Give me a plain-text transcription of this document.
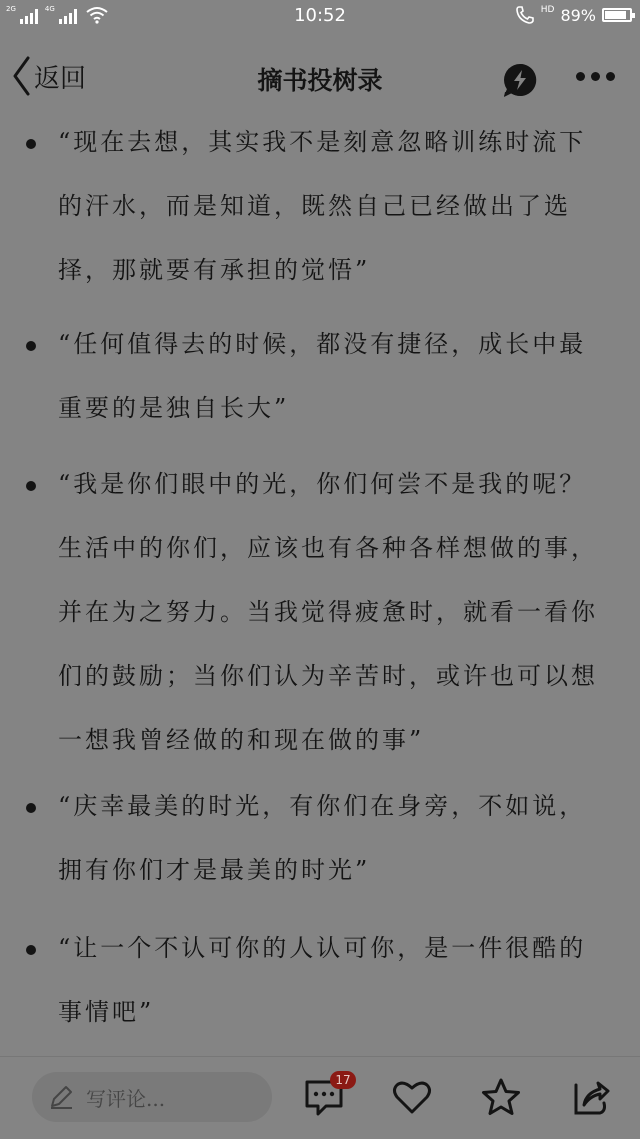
2G	4G	10:52	HD 89%
返回	摘书投树录
“现在去想，其实我不是刻意忽略训练时流下的汗水，而是知道，既然自己已经做出了选择，那就要有承担的觉悟”
“任何值得去的时候，都没有捷径，成长中最重要的是独自长大”
“我是你们眼中的光，你们何尝不是我的呢？生活中的你们，应该也有各种各样想做的事，并在为之努力。当我觉得疲惫时，就看一看你们的鼓励；当你们认为辛苦时，或许也可以想一想我曾经做的和现在做的事”
“庆幸最美的时光，有你们在身旁，不如说，拥有你们才是最美的时光”
“让一个不认可你的人认可你，是一件很酷的事情吧”
写评论...
17
